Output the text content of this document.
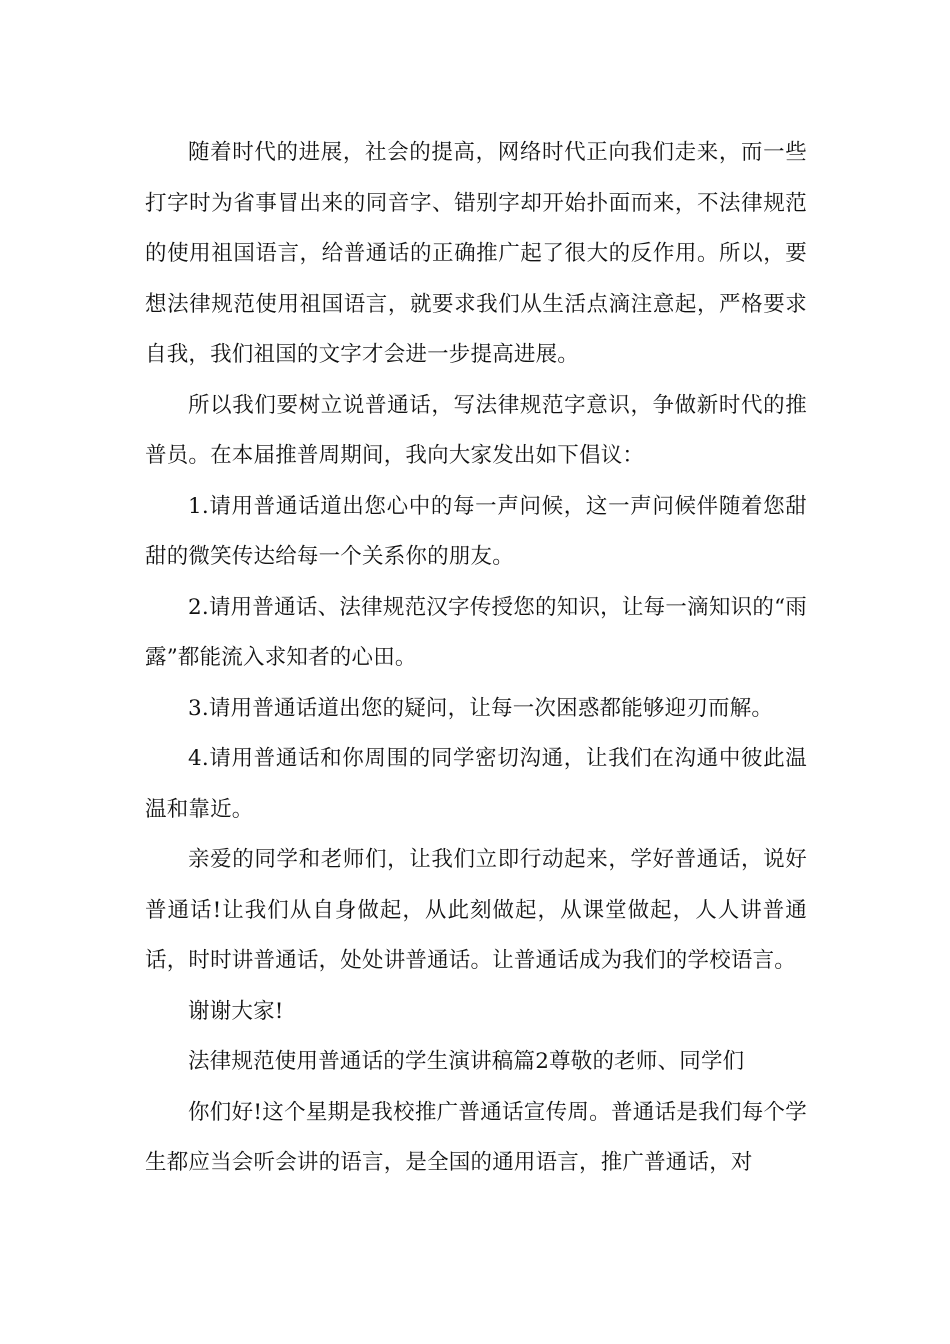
随着时代的进展，社会的提高，网络时代正向我们走来，而一些打字时为省事冒出来的同音字、错别字却开始扑面而来，不法律规范的使用祖国语言，给普通话的正确推广起了很大的反作用。所以，要想法律规范使用祖国语言，就要求我们从生活点滴注意起，严格要求自我，我们祖国的文字才会进一步提高进展。

所以我们要树立说普通话，写法律规范字意识，争做新时代的推普员。在本届推普周期间，我向大家发出如下倡议：

1.请用普通话道出您心中的每一声问候，这一声问候伴随着您甜甜的微笑传达给每一个关系你的朋友。

2.请用普通话、法律规范汉字传授您的知识，让每一滴知识的“雨露”都能流入求知者的心田。

3.请用普通话道出您的疑问，让每一次困惑都能够迎刃而解。

4.请用普通话和你周围的同学密切沟通，让我们在沟通中彼此温温和靠近。

亲爱的同学和老师们，让我们立即行动起来，学好普通话，说好普通话!让我们从自身做起，从此刻做起，从课堂做起，人人讲普通话，时时讲普通话，处处讲普通话。让普通话成为我们的学校语言。

谢谢大家!

法律规范使用普通话的学生演讲稿篇2尊敬的老师、同学们

你们好!这个星期是我校推广普通话宣传周。普通话是我们每个学生都应当会听会讲的语言，是全国的通用语言，推广普通话，对
